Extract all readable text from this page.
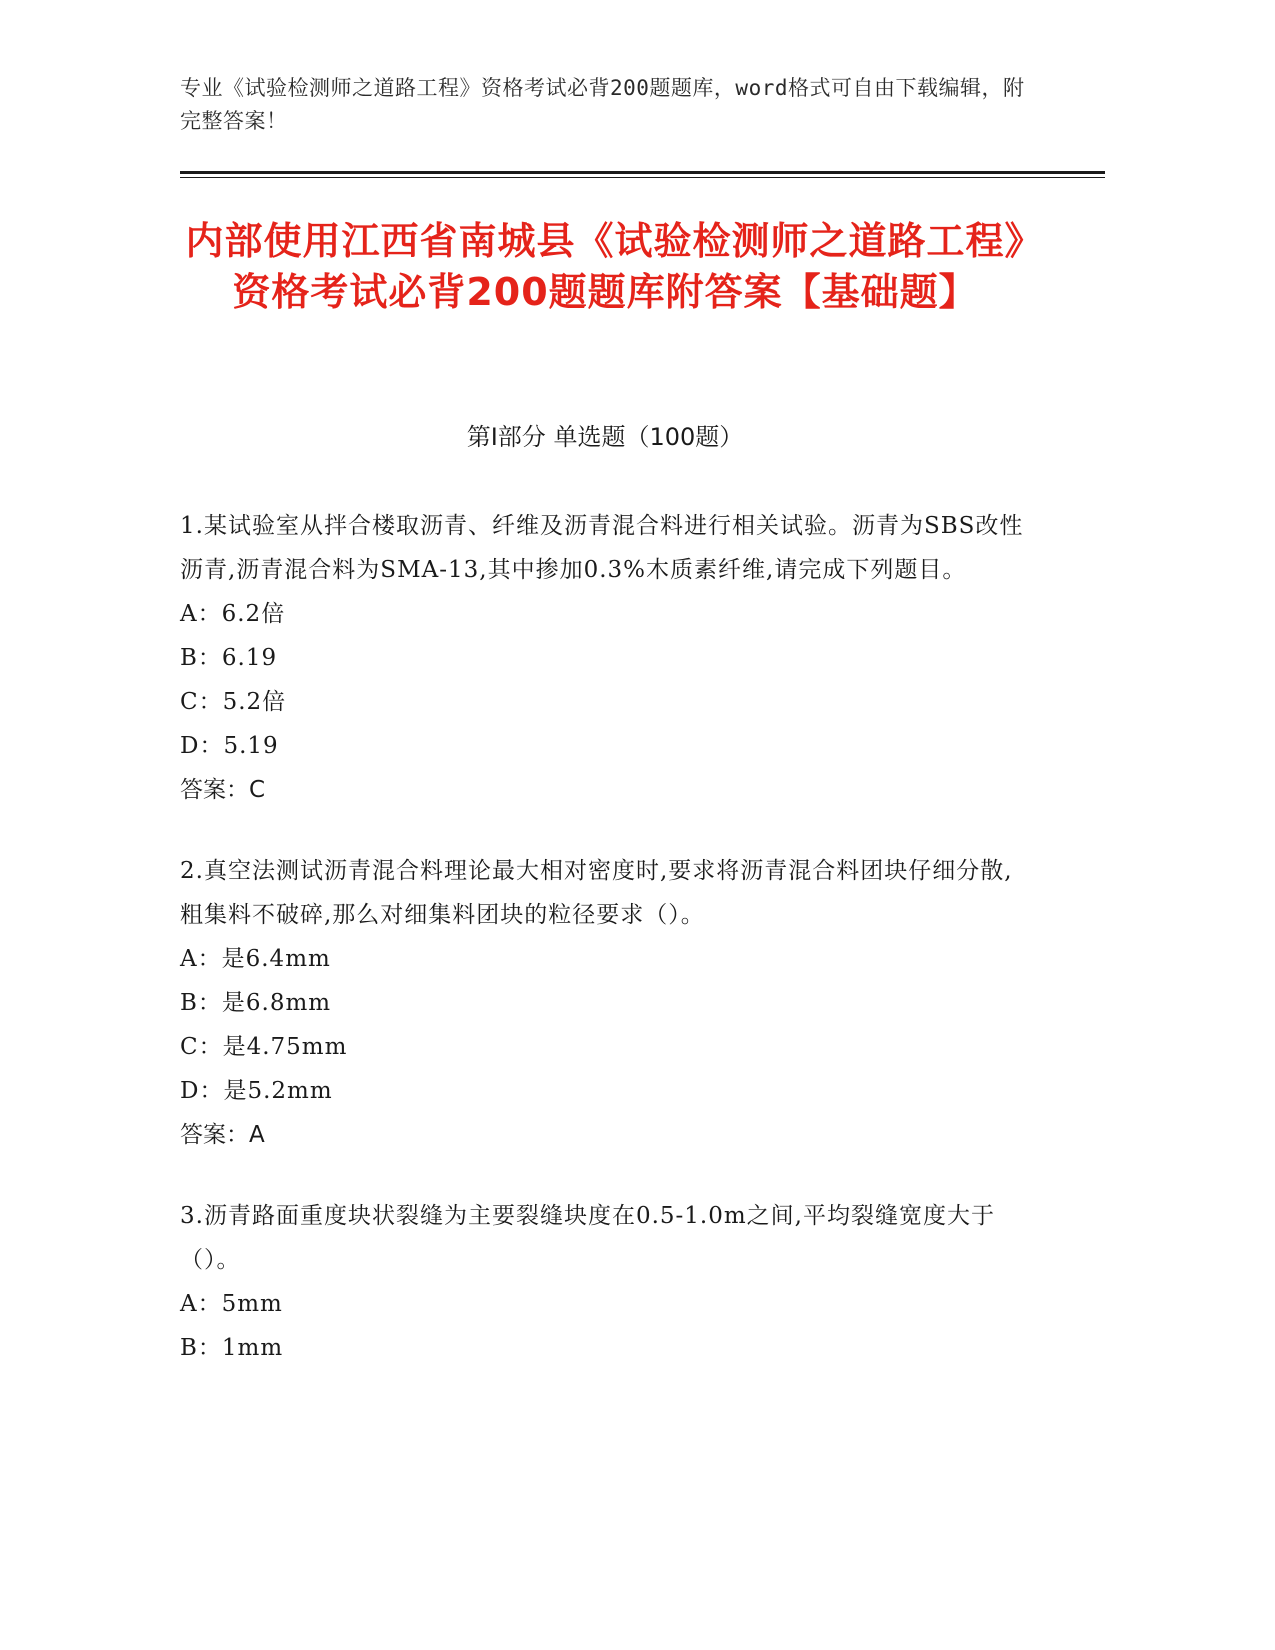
专业《试验检测师之道路工程》资格考试必背200题题库，word格式可自由下载编辑，附完整答案！
内部使用江西省南城县《试验检测师之道路工程》资格考试必背200题题库附答案【基础题】
第I部分 单选题（100题）
1.某试验室从拌合楼取沥青、纤维及沥青混合料进行相关试验。沥青为SBS改性沥青,沥青混合料为SMA-13,其中掺加0.3%木质素纤维,请完成下列题目。
A：6.2倍
B：6.19
C：5.2倍
D：5.19
答案：C
2.真空法测试沥青混合料理论最大相对密度时,要求将沥青混合料团块仔细分散,粗集料不破碎,那么对细集料团块的粒径要求（）。
A：是6.4mm
B：是6.8mm
C：是4.75mm
D：是5.2mm
答案：A
3.沥青路面重度块状裂缝为主要裂缝块度在0.5-1.0m之间,平均裂缝宽度大于（）。
A：5mm
B：1mm
